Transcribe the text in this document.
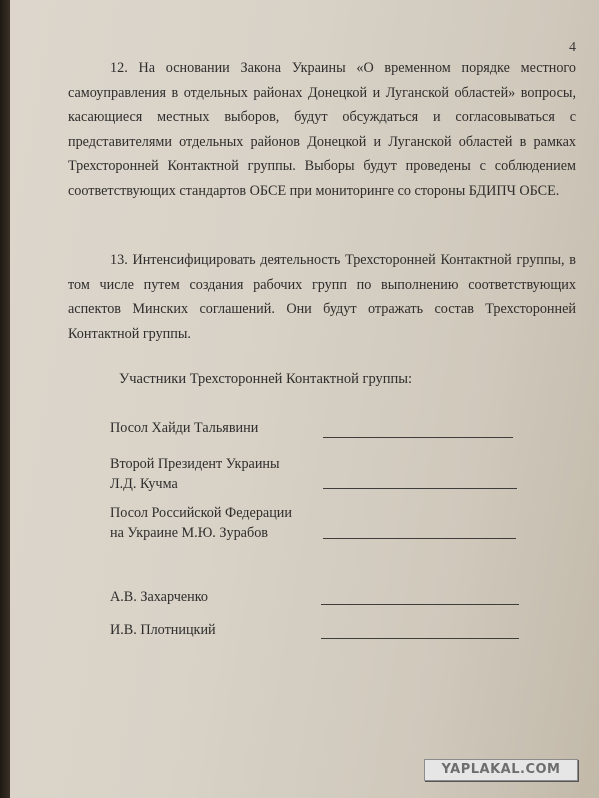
4

12. На основании Закона Украины «О временном порядке местного самоуправления в отдельных районах Донецкой и Луганской областей» вопросы, касающиеся местных выборов, будут обсуждаться и согласовываться с представителями отдельных районов Донецкой и Луганской областей в рамках Трехсторонней Контактной группы. Выборы будут проведены с соблюдением соответствующих стандартов ОБСЕ при мониторинге со стороны БДИПЧ ОБСЕ.

13. Интенсифицировать деятельность Трехсторонней Контактной группы, в том числе путем создания рабочих групп по выполнению соответствующих аспектов Минских соглашений. Они будут отражать состав Трехсторонней Контактной группы.

Участники Трехсторонней Контактной группы:
Посол Хайди Тальявини
Второй Президент Украины
Л.Д. Кучма
Посол Российской Федерации
на Украине М.Ю. Зурабов
А.В. Захарченко
И.В. Плотницкий
YAPLAKAL.COM
